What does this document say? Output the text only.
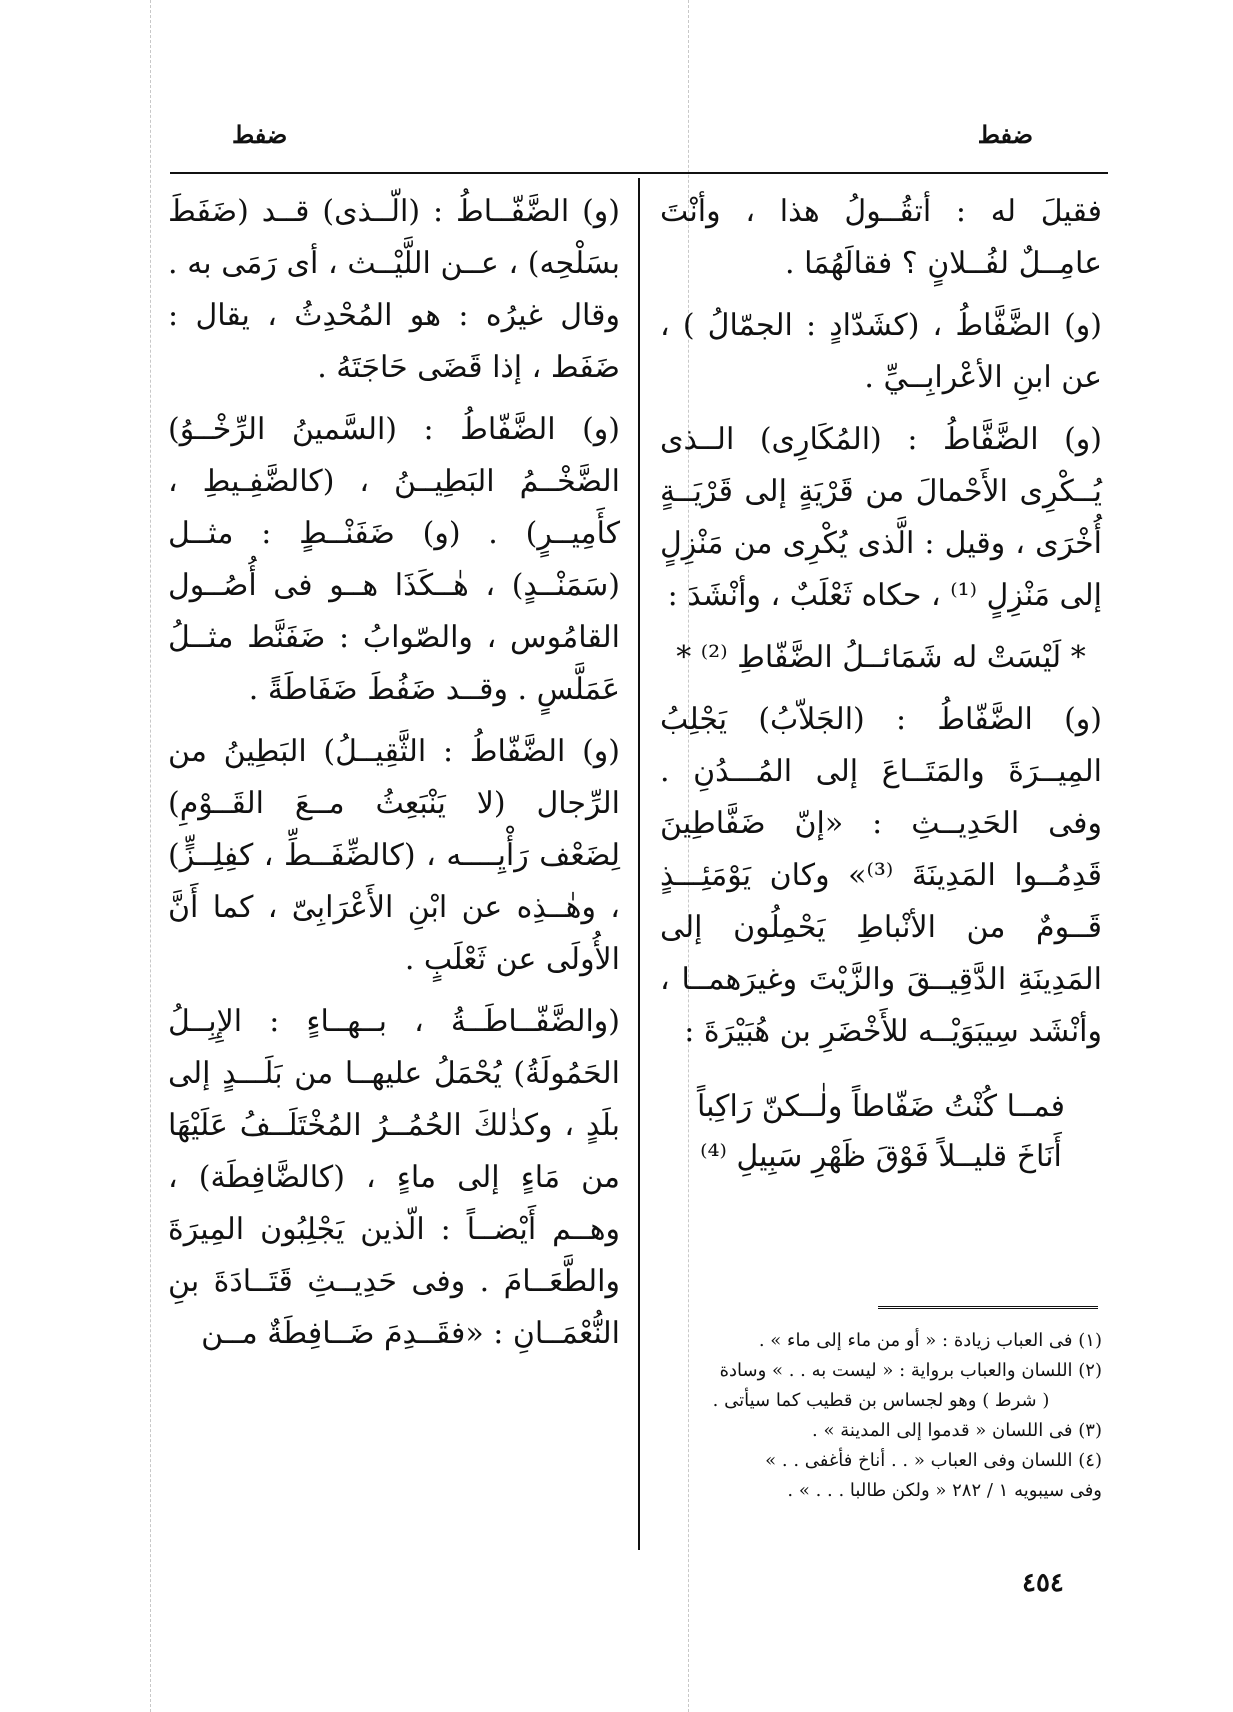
ضفط
ضفط

فقيلَ له : أتقُــولُ هذا ، وأنْتَ عامِــلٌ لفُــلانٍ ؟ فقالَهُمَا .

(و) الضَّفَّاطُ ، (كشَدّادٍ : الجمّالُ ) ، عن ابنِ الأعْرابِــيِّ .

(و) الضَّفَّاطُ : (المُكَارِى) الــذى يُــكْرِى الأَحْمالَ من قَرْيَةٍ إلى قَرْيَــةٍ أُخْرَى ، وقيل : الَّذى يُكْرِى من مَنْزِلٍ إلى مَنْزِلٍ ⁽¹⁾ ، حكاه ثَعْلَبٌ ، وأنْشَدَ :

* لَيْسَتْ له شَمَائــلُ الضَّفّاطِ ⁽²⁾ *

(و) الضَّفّاطُ : (الجَلاّبُ) يَجْلِبُ المِيــرَةَ والمَتَــاعَ إلى المُـــدُنِ . وفى الحَدِيــثِ : «إنّ ضَفَّاطِينَ قَدِمُــوا المَدِينَةَ ⁽³⁾» وكان يَوْمَئِـــذٍ قَــومٌ من الأنْباطِ يَحْمِلُون إلى المَدِينَةِ الدَّقِيــقَ والزَّيْتَ وغيرَهمــا ، وأنْشَد سِيبَوَيْــه للأَخْضَرِ بن هُبَيْرَةَ :

فمــا كُنْتُ ضَفّاطاً ولٰــكنّ رَاكِباً
أَنَاخَ قليــلاً فَوْقَ ظَهْرِ سَبِيلِ ⁽⁴⁾

(و) الضَّفّــاطُ : (الّــذى) قــد (ضَفَطَ بسَلْحِه) ، عــن اللَّيْــث ، أى رَمَى به . وقال غيرُه : هو المُحْدِثُ ، يقال : ضَفَط ، إذا قَضَى حَاجَتَهُ .

(و) الضَّفّاطُ : (السَّمينُ الرِّخْــوُ) الضَّخْــمُ البَطِيــنُ ، (كالضَّفِـيطِ ، كأَمِيــرٍ) . (و) ضَفَنْــطٍ : مثــل (سَمَنْــدٍ) ، هٰــكَذَا هــو فى أُصُــول القامُوس ، والصّوابُ : ضَفَنَّط مثــلُ عَمَلَّسٍ . وقــد ضَفُطَ ضَفَاطَةً .

(و) الضَّفّاطُ : الثَّقِيــلُ) البَطِينُ من الرِّجال (لا يَنْبَعِثُ مــعَ القَــوْمِ) لِضَعْف رَأْيِــــه ، (كالضِّفَــطِّ ، كفِلِــزٍّ) ، وهٰــذِه عن ابْنِ الأَعْرَابِىّ ، كما أَنَّ الأُولَى عن ثَعْلَبٍ .

(والضَّفّــاطَــةُ ، بــهــاءٍ : الإِبِــلُ الحَمُولَةُ) يُحْمَلُ عليهــا من بَلَـــدٍ إلى بلَدٍ ، وكذٰلكَ الحُمُــرُ المُخْتَلَــفُ عَلَيْهَا من مَاءٍ إلى ماءٍ ، (كالضَّافِطَة) ، وهــم أَيْضــاً : الّذين يَجْلِبُون المِيرَةَ والطَّعَــامَ . وفى حَدِيــثِ قَتَــادَةَ بنِ النُّعْمَــانِ : «فقَــدِمَ ضَــافِطَةٌ مــن	(١) فى العباب زيادة : « أو من ماء إلى ماء » .
(٢) اللسان والعباب برواية : « ليست به . . » وسادة
( شرط ) وهو لجساس بن قطيب كما سيأتى .
(٣) فى اللسان « قدموا إلى المدينة » .
(٤) اللسان وفى العباب « . . أناخ فأغفى . . »
وفى سيبويه ١ / ٢٨٢ « ولكن طالبا . . . » .
٤٥٤
